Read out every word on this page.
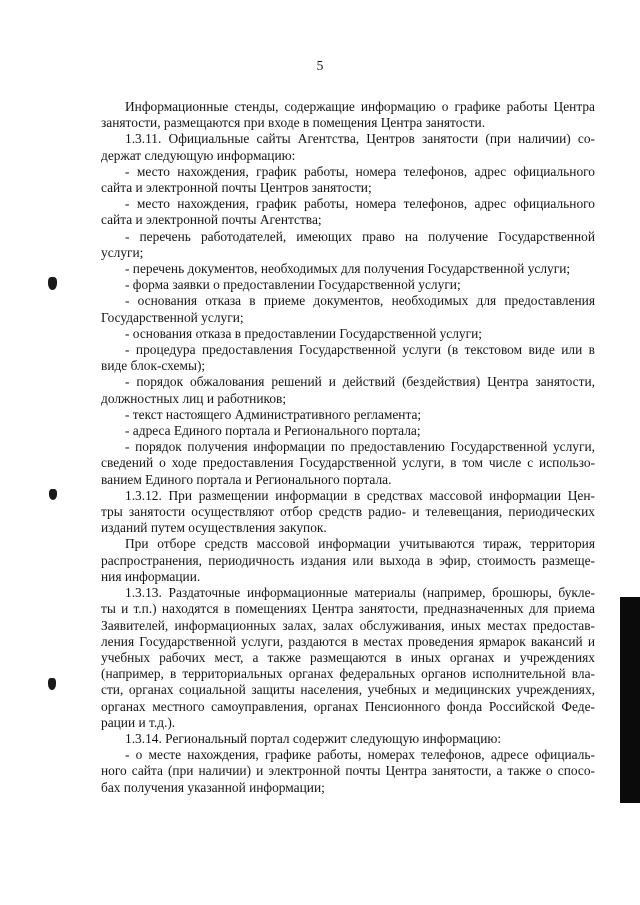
5
Информационные стенды, содержащие информацию о графике работы Центра
занятости, размещаются при входе в помещения Центра занятости.
1.3.11. Официальные сайты Агентства, Центров занятости (при наличии) со-
держат следующую информацию:
- место нахождения, график работы, номера телефонов, адрес официального
сайта и электронной почты Центров занятости;
- место нахождения, график работы, номера телефонов, адрес официального
сайта и электронной почты Агентства;
- перечень работодателей, имеющих право на получение Государственной
услуги;
- перечень документов, необходимых для получения Государственной услуги;
- форма заявки о предоставлении Государственной услуги;
- основания отказа в приеме документов, необходимых для предоставления
Государственной услуги;
- основания отказа в предоставлении Государственной услуги;
- процедура предоставления Государственной услуги (в текстовом виде или в
виде блок-схемы);
- порядок обжалования решений и действий (бездействия) Центра занятости,
должностных лиц и работников;
- текст настоящего Административного регламента;
- адреса Единого портала и Регионального портала;
- порядок получения информации по предоставлению Государственной услуги,
сведений о ходе предоставления Государственной услуги, в том числе с использо-
ванием Единого портала и Регионального портала.
1.3.12. При размещении информации в средствах массовой информации Цен-
тры занятости осуществляют отбор средств радио- и телевещания, периодических
изданий путем осуществления закупок.
При отборе средств массовой информации учитываются тираж, территория
распространения, периодичность издания или выхода в эфир, стоимость размеще-
ния информации.
1.3.13. Раздаточные информационные материалы (например, брошюры, букле-
ты и т.п.) находятся в помещениях Центра занятости, предназначенных для приема
Заявителей, информационных залах, залах обслуживания, иных местах предостав-
ления Государственной услуги, раздаются в местах проведения ярмарок вакансий и
учебных рабочих мест, а также размещаются в иных органах и учреждениях
(например, в территориальных органах федеральных органов исполнительной вла-
сти, органах социальной защиты населения, учебных и медицинских учреждениях,
органах местного самоуправления, органах Пенсионного фонда Российской Феде-
рации и т.д.).
1.3.14. Региональный портал содержит следующую информацию:
- о месте нахождения, графике работы, номерах телефонов, адресе официаль-
ного сайта (при наличии) и электронной почты Центра занятости, а также о спосо-
бах получения указанной информации;
